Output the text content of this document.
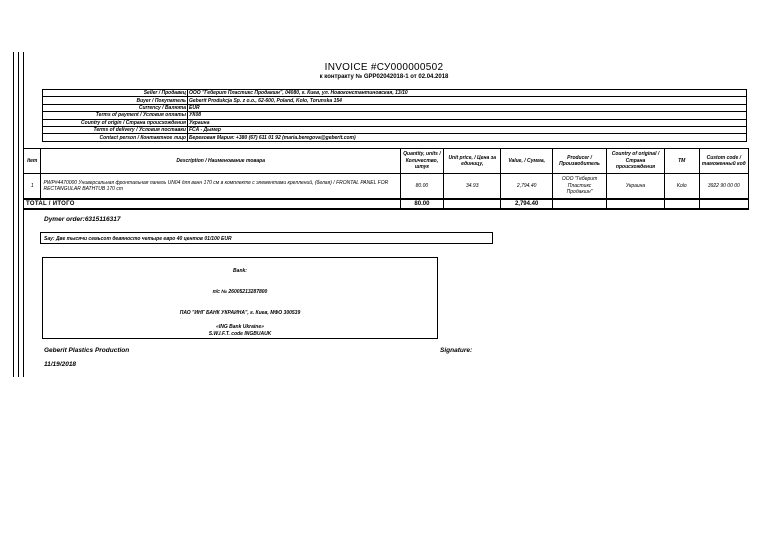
INVOICE #СУ000000502
к контракту № GPP02042018-1 от 02.04.2018
Seller / Продавец	ООО "Геберит Пластикс Продакшн", 04080, г. Киев, ул. Новоконстантиновская, 13/10
Buyer / Покупатель	Geberit Produkcja Sp. z o.o., 62-600, Poland, Kolo, Torunska 154
Currency / Валюта	EUR
Terms of payment / Условия оплаты	УК08
Country of origin / Страна происхождения	Украина
Terms of delivery / Условия поставки	FCA - Дымер
Contact person / Контактное лицо	Береговая Мария: +380 (67) 611 01 92 (maria.beregova@geberit.com)
Item	Description / Наименование товара	Quantity, units / Количество, штук	Unit price, / Цена за единицу,	Value, / Сумма,	Producer / Производитель	Country of original / Страна происхождения	TM	Custom code / таможенный код
1	PWP#4470000 Универсальная фронтальная панель UN04 для ванн 170 см в комплекте с элементами креплений, (белая) / FRONTAL PANEL FOR RECTANGULAR BATHTUB 170 cm	80.00	34.93	2,794.40	ООО "Геберит Пластикс Продакшн"	Украина	Kolo	3922 90 00 00
TOTAL / ИТОГО		80.00		2,794.40				
Dymer order:6315116317
Say: Две тысячи семьсот девяносто четыре евро 40 центов 01/100 EUR
Bank:
п/с № 26005213287800
ПАО "ИНГ БАНК УКРАИНА", г. Киев, МФО 300539
«ING Bank Ukraine»
S.W.I.F.T. code INGBUAUK
Geberit Plastics Production
11/19/2018
Signature:
